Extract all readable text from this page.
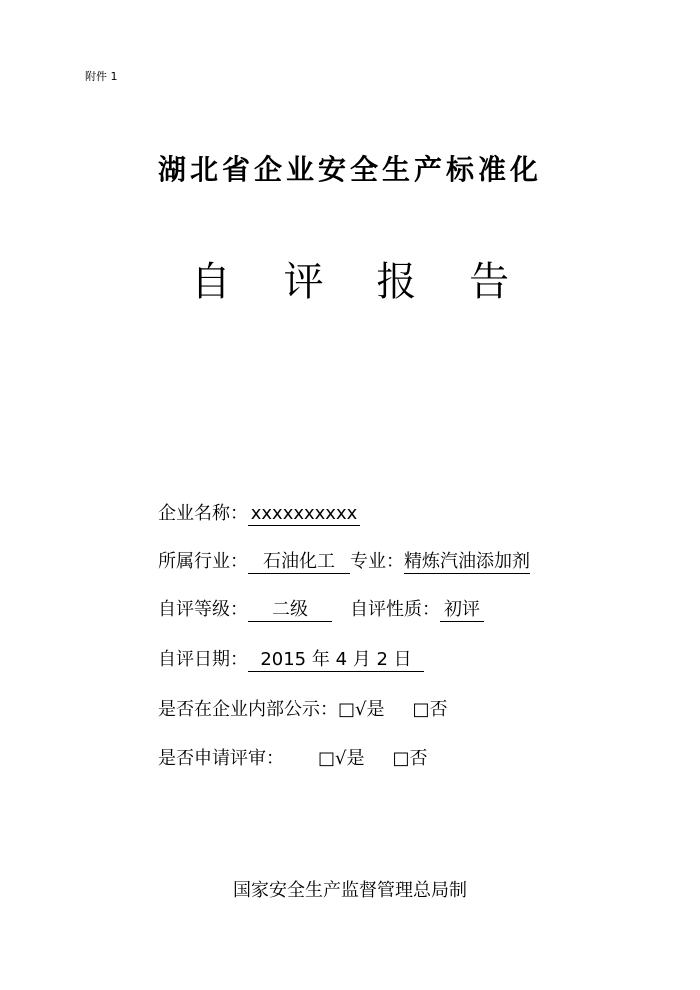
附件 1
湖北省企业安全生产标准化
自 评 报 告
企业名称： xxxxxxxxxx
所属行业： 石油化工 专业：精炼汽油添加剂
自评等级： 二级 自评性质： 初评
自评日期： 2015 年 4 月 2 日
是否在企业内部公示：□√是 □否
是否申请评审： □√是 □否
国家安全生产监督管理总局制
